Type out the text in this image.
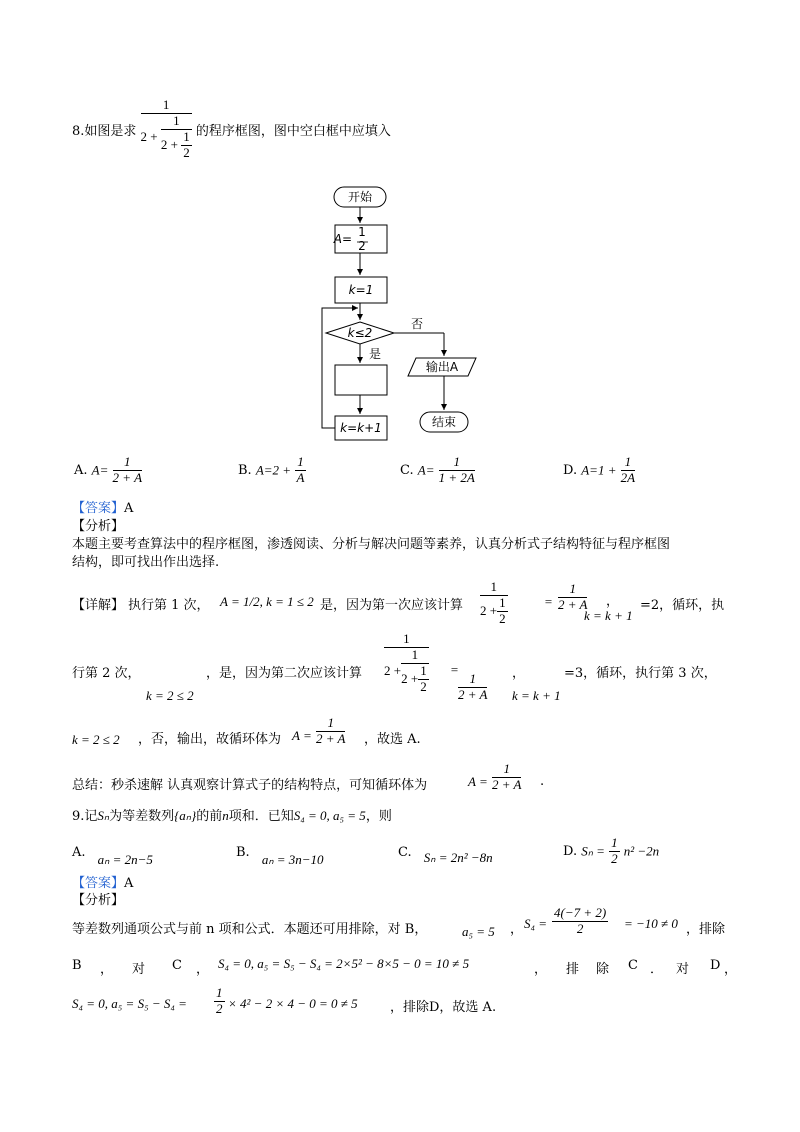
8.如图是求
1
$2 + \frac{1}{2 + \frac{1}{2}}$ 的程序框图，图中空白框中应填入
开始
A= 1
2
k=1
k≤2
否
是
输出A
k=k+1	结束
A. $A= \frac{1}{2 + A}$	B. $A=2 + \frac{1}{A}$	C. $A= \frac{1}{1 + 2A}$	D. $A=1 + \frac{1}{2A}$
【答案】A
【分析】
本题主要考查算法中的程序框图，渗透阅读、分析与解决问题等素养，认真分析式子结构特征与程序框图
结构，即可找出作出选择.
【详解】 执行第 1 次， A = 1/2, k = 1 ≤ 2 是，因为第一次应该计算 $\frac{1}{2 + \frac{1}{2}}$	= $\frac{1}{2 + A}$ ，
k = k + 1
=2，循环，执
行第 2 次，
k = 2 ≤ 2
，是，因为第二次应该计算 $\frac{1}{2 + \frac{1}{2 + \frac{1}{2}}}$ =
$\frac{1}{2 + A}$ ，
k = k + 1
=3，循环，执行第 3 次，
k = 2 ≤ 2 ，否，输出，故循环体为 $A = \frac{1}{2 + A}$ ，故选 A.
总结：秒杀速解 认真观察计算式子的结构特点，可知循环体为	$A = \frac{1}{2 + A}$ .
9.记Sₙ为等差数列{aₙ}的前n项和．已知S₄ = 0, a₅ = 5，则
A. aₙ = 2n−5	B. aₙ = 3n−10	C. Sₙ = 2n² −8n	D. $S_n = \frac{1}{2} n^2 -2n$
【答案】A
【分析】
等差数列通项公式与前 n 项和公式．本题还可用排除，对 B，	a₅ = 5 ， $S_4 = \frac{4(-7 + 2)}{2} = -10 \ne 0$ ，排除
B ， 对 C ， S₄ = 0, a₅ = S₅ − S₄ = 2×5² − 8×5 − 0 = 10 ≠ 5	， 排 除 C ． 对 D ，
S₄ = 0, $a_5 = S_5 - S_4 = \frac{1}{2} \times 4^2 - 2 \times 4 - 0 = 0 \ne 5$ ，排除D，故选 A.
